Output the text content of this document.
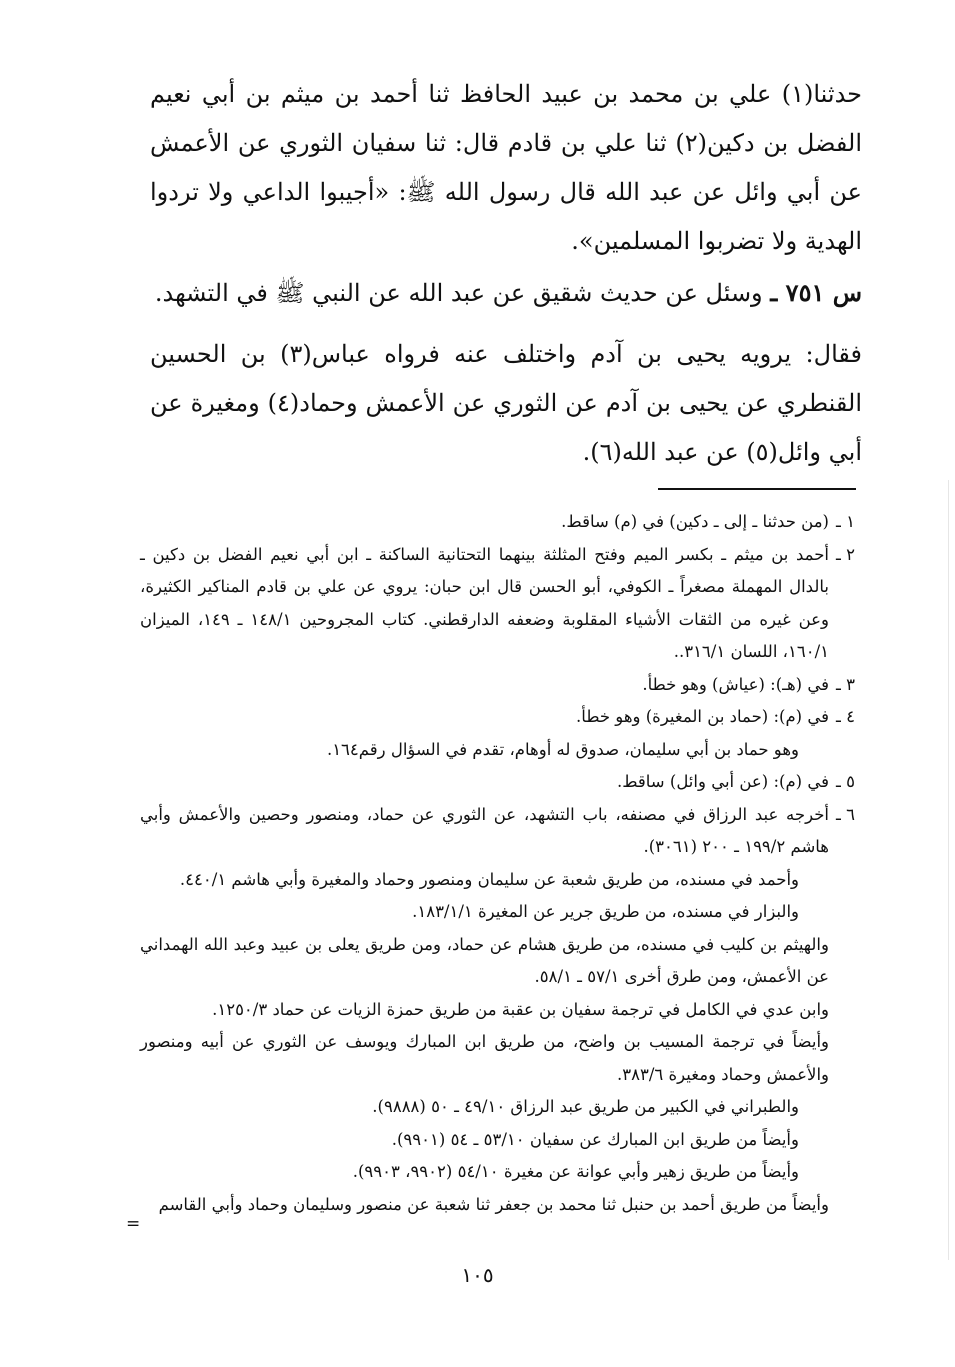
حدثنا(١) علي بن محمد بن عبيد الحافظ ثنا أحمد بن ميثم بن أبي نعيم الفضل بن دكين(٢) ثنا علي بن قادم قال: ثنا سفيان الثوري عن الأعمش عن أبي وائل عن عبد الله قال رسول الله ﷺ: «أجيبوا الداعي ولا تردوا الهدية ولا تضربوا المسلمين».
س ٧٥١ ـ وسئل عن حديث شقيق عن عبد الله عن النبي ﷺ في التشهد.
فقال: يرويه يحيى بن آدم واختلف عنه فرواه عباس(٣) بن الحسين القنطري عن يحيى بن آدم عن الثوري عن الأعمش وحماد(٤) ومغيرة عن أبي وائل(٥) عن عبد الله(٦).
١ ـ
(من حدثنا ـ إلى ـ دكين) في (م) ساقط.
٢ ـ
أحمد بن ميثم ـ بكسر الميم وفتح المثلثة بينهما التحتانية الساكنة ـ ابن أبي نعيم الفضل بن دكين ـ بالدال المهملة مصغراً ـ الكوفي، أبو الحسن قال ابن حبان: يروي عن علي بن قادم المناكير الكثيرة، وعن غيره من الثقات الأشياء المقلوبة وضعفه الدارقطني. كتاب المجروحين ١٤٨/١ ـ ١٤٩، الميزان ١٦٠/١، اللسان ٣١٦/١..
٣ ـ
في (هـ): (عياش) وهو خطأ.
٤ ـ
في (م): (حماد بن المغيرة) وهو خطأ.
وهو حماد بن أبي سليمان، صدوق له أوهام، تقدم في السؤال رقم١٦٤.
٥ ـ
في (م): (عن أبي وائل) ساقط.
٦ ـ
أخرجه عبد الرزاق في مصنفه، باب التشهد، عن الثوري عن حماد، ومنصور وحصين والأعمش وأبي هاشم ١٩٩/٢ ـ ٢٠٠ (٣٠٦١).
وأحمد في مسنده، من طريق شعبة عن سليمان ومنصور وحماد والمغيرة وأبي هاشم ٤٤٠/١.
والبزار في مسنده، من طريق جرير عن المغيرة ١٨٣/١/١.
والهيثم بن كليب في مسنده، من طريق هشام عن حماد، ومن طريق يعلى بن عبيد وعبد الله الهمداني عن الأعمش، ومن طرق أخرى ٥٧/١ ـ ٥٨/١.
وابن عدي في الكامل في ترجمة سفيان بن عقبة من طريق حمزة الزيات عن حماد ١٢٥٠/٣.
وأيضاً في ترجمة المسيب بن واضح، من طريق ابن المبارك ويوسف عن الثوري عن أبيه ومنصور والأعمش وحماد ومغيرة ٣٨٣/٦.
والطبراني في الكبير من طريق عبد الرزاق ٤٩/١٠ ـ ٥٠ (٩٨٨٨).
وأيضاً من طريق ابن المبارك عن سفيان ٥٣/١٠ ـ ٥٤ (٩٩٠١).
وأيضاً من طريق زهير وأبي عوانة عن مغيرة ٥٤/١٠ (٩٩٠٢، ٩٩٠٣).
وأيضاً من طريق أحمد بن حنبل ثنا محمد بن جعفر ثنا شعبة عن منصور وسليمان وحماد وأبي القاسم
=
١٠٥
